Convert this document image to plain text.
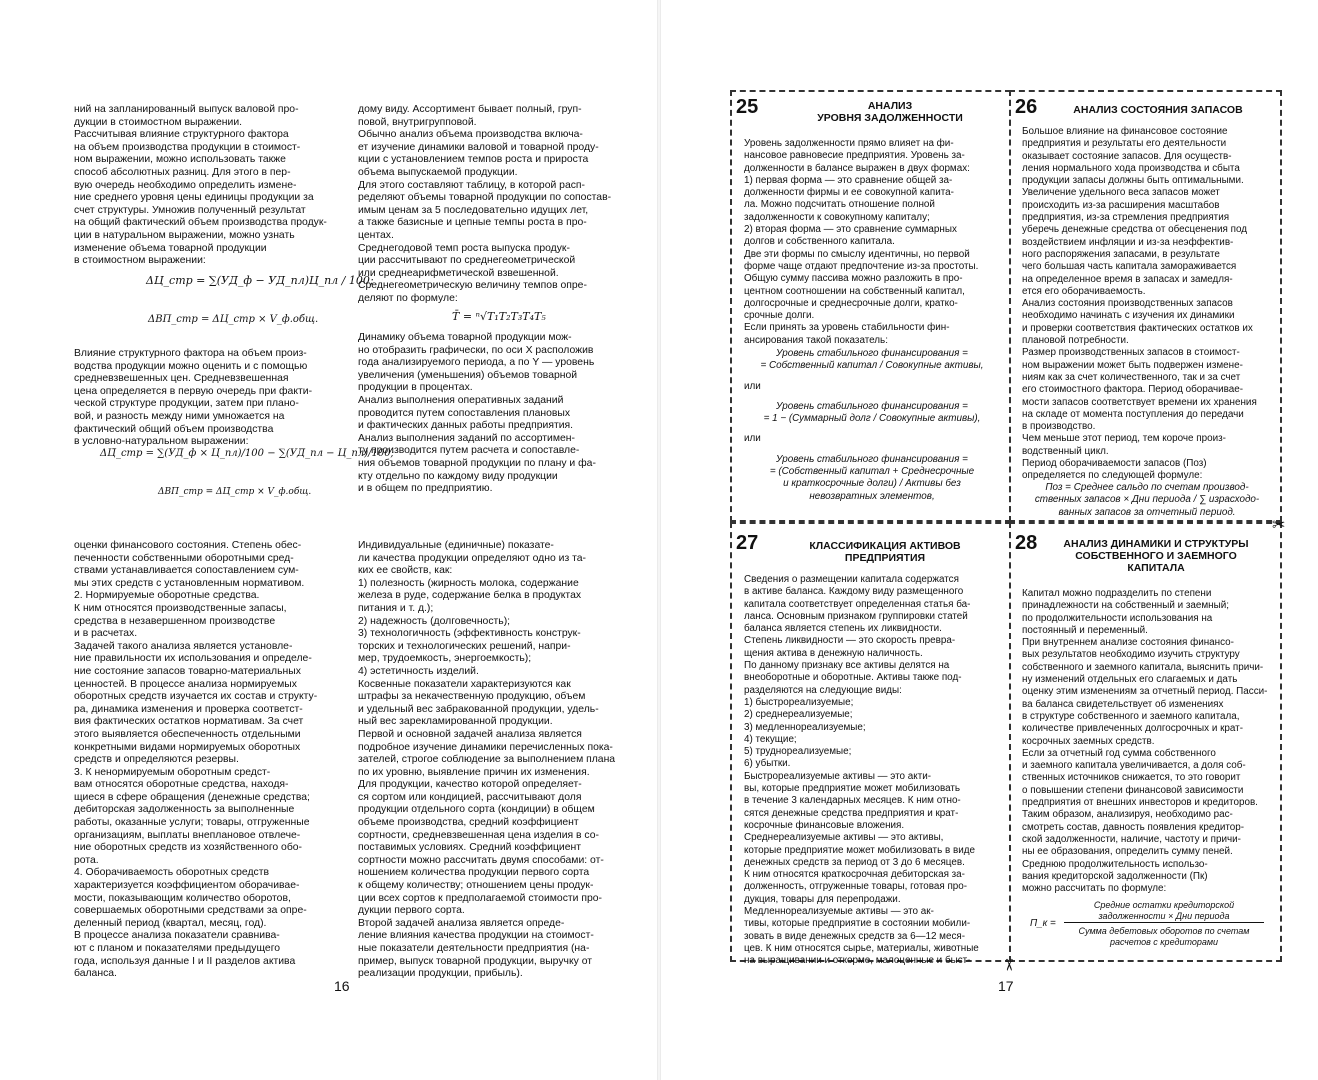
ний на запланированный выпуск валовой про-
дукции в стоимостном выражении.
Рассчитывая влияние структурного фактора
на объем производства продукции в стоимост-
ном выражении, можно использовать также
способ абсолютных разниц. Для этого в пер-
вую очередь необходимо определить измене-
ние среднего уровня цены единицы продукции за
счет структуры. Умножив полученный результат
на общий фактический объем производства продук-
ции в натуральном выражении, можно узнать
изменение объема товарной продукции
в стоимостном выражении:
ΔЦ_стр = ∑(УД_ф − УД_пл)Ц_пл / 100;
ΔВП_стр = ΔЦ_стр × V_ф.общ.
Влияние структурного фактора на объем произ-
водства продукции можно оценить и с помощью
средневзвешенных цен. Средневзвешенная
цена определяется в первую очередь при факти-
ческой структуре продукции, затем при плано-
вой, и разность между ними умножается на
фактический общий объем производства
в условно-натуральном выражении:
ΔЦ̄_стр = ∑(УД_ф × Ц_пл)/100 − ∑(УД_пл − Ц_пл)/100;
ΔВП_стр = ΔЦ̄_стр × V_ф.общ.
дому виду. Ассортимент бывает полный, груп-
повой, внутригрупповой.
Обычно анализ объема производства включа-
ет изучение динамики валовой и товарной проду-
кции с установлением темпов роста и прироста
объема выпускаемой продукции.
Для этого составляют таблицу, в которой расп-
ределяют объемы товарной продукции по сопостав-
имым ценам за 5 последовательно идущих лет,
а также базисные и цепные темпы роста в про-
центах.
Среднегодовой темп роста выпуска продук-
ции рассчитывают по среднегеометрической
или среднеарифметической взвешенной.
Среднегеометрическую величину темпов опре-
деляют по формуле:
T̄ = ⁿ√T₁T₂T₃T₄T₅
Динамику объема товарной продукции мож-
но отобразить графически, по оси X расположив
года анализируемого периода, а по Y — уровень
увеличения (уменьшения) объемов товарной
продукции в процентах.
Анализ выполнения оперативных заданий
проводится путем сопоставления плановых
и фактических данных работы предприятия.
Анализ выполнения заданий по ассортимен-
ту производится путем расчета и сопоставле-
ния объемов товарной продукции по плану и фа-
кту отдельно по каждому виду продукции
и в общем по предприятию.
оценки финансового состояния. Степень обес-
печенности собственными оборотными сред-
ствами устанавливается сопоставлением сум-
мы этих средств с установленным нормативом.
2. Нормируемые оборотные средства.
К ним относятся производственные запасы,
средства в незавершенном производстве
и в расчетах.
Задачей такого анализа является установле-
ние правильности их использования и определе-
ние состояние запасов товарно-материальных
ценностей. В процессе анализа нормируемых
оборотных средств изучается их состав и структу-
ра, динамика изменения и проверка соответст-
вия фактических остатков нормативам. За счет
этого выявляется обеспеченность отдельными
конкретными видами нормируемых оборотных
средств и определяются резервы.
3. К ненормируемым оборотным средст-
вам относятся оборотные средства, находя-
щиеся в сфере обращения (денежные средства;
дебиторская задолженность за выполненные
работы, оказанные услуги; товары, отгруженные
организациям, выплаты внеплановое отвлече-
ние оборотных средств из хозяйственного обо-
рота.
4. Оборачиваемость оборотных средств
характеризуется коэффициентом оборачивае-
мости, показывающим количество оборотов,
совершаемых оборотными средствами за опре-
деленный период (квартал, месяц, год).
В процессе анализа показатели сравнива-
ют с планом и показателями предыдущего
года, используя данные I и II разделов актива
баланса.
Индивидуальные (единичные) показате-
ли качества продукции определяют одно из та-
ких ее свойств, как:
1) полезность (жирность молока, содержание
железа в руде, содержание белка в продуктах
питания и т. д.);
2) надежность (долговечность);
3) технологичность (эффективность конструк-
торских и технологических решений, напри-
мер, трудоемкость, энергоемкость);
4) эстетичность изделий.
Косвенные показатели характеризуются как
штрафы за некачественную продукцию, объем
и удельный вес забракованной продукции, удель-
ный вес зарекламированной продукции.
Первой и основной задачей анализа является
подробное изучение динамики перечисленных пока-
зателей, строгое соблюдение за выполнением плана
по их уровню, выявление причин их изменения.
Для продукции, качество которой определяет-
ся сортом или кондицией, рассчитывают доля
продукции отдельного сорта (кондиции) в общем
объеме производства, средний коэффициент
сортности, средневзвешенная цена изделия в со-
поставимых условиях. Средний коэффициент
сортности можно рассчитать двумя способами: от-
ношением количества продукции первого сорта
к общему количеству; отношением цены продук-
ции всех сортов к предполагаемой стоимости про-
дукции первого сорта.
Второй задачей анализа является опреде-
ление влияния качества продукции на стоимост-
ные показатели деятельности предприятия (на-
пример, выпуск товарной продукции, выручку от
реализации продукции, прибыль).
16
✂
✂
25	АНАЛИЗ
УРОВНЯ ЗАДОЛЖЕННОСТИ
Уровень задолженности прямо влияет на фи-
нансовое равновесие предприятия. Уровень за-
долженности в балансе выражен в двух формах:
1) первая форма — это сравнение общей за-
долженности фирмы и ее совокупной капита-
ла. Можно подсчитать отношение полной
задолженности к совокупному капиталу;
2) вторая форма — это сравнение суммарных
долгов и собственного капитала.
Две эти формы по смыслу идентичны, но первой
форме чаще отдают предпочтение из-за простоты.
Общую сумму пассива можно разложить в про-
центном соотношении на собственный капитал,
долгосрочные и среднесрочные долги, кратко-
срочные долги.
Если принять за уровень стабильности фин-
ансирования такой показатель:
Уровень стабильного финансирования =
= Собственный капитал / Совокупные активы,
или
Уровень стабильного финансирования =
= 1 − (Суммарный долг / Совокупные активы),
или
Уровень стабильного финансирования =
= (Собственный капитал + Среднесрочные
и краткосрочные долги) / Активы без
невозвратных элементов,
26	АНАЛИЗ СОСТОЯНИЯ ЗАПАСОВ
Большое влияние на финансовое состояние
предприятия и результаты его деятельности
оказывает состояние запасов. Для осуществ-
ления нормального хода производства и сбыта
продукции запасы должны быть оптимальными.
Увеличение удельного веса запасов может
происходить из-за расширения масштабов
предприятия, из-за стремления предприятия
уберечь денежные средства от обесценения под
воздействием инфляции и из-за неэффектив-
ного распоряжения запасами, в результате
чего большая часть капитала замораживается
на определенное время в запасах и замедля-
ется его оборачиваемость.
Анализ состояния производственных запасов
необходимо начинать с изучения их динамики
и проверки соответствия фактических остатков их
плановой потребности.
Размер производственных запасов в стоимост-
ном выражении может быть подвержен измене-
ниям как за счет количественного, так и за счет
его стоимостного фактора. Период оборачивае-
мости запасов соответствует времени их хранения
на складе от момента поступления до передачи
в производство.
Чем меньше этот период, тем короче произ-
водственный цикл.
Период оборачиваемости запасов (Поз)
определяется по следующей формуле:
Поз = Среднее сальдо по счетам производ-
ственных запасов × Дни периода / ∑ израсходо-
ванных запасов за отчетный период.
27	КЛАССИФИКАЦИЯ АКТИВОВ
ПРЕДПРИЯТИЯ
Сведения о размещении капитала содержатся
в активе баланса. Каждому виду размещенного
капитала соответствует определенная статья ба-
ланса. Основным признаком группировки статей
баланса является степень их ликвидности.
Степень ликвидности — это скорость превра-
щения актива в денежную наличность.
По данному признаку все активы делятся на
внеоборотные и оборотные. Активы также под-
разделяются на следующие виды:
1) быстрореализуемые;
2) среднереализуемые;
3) медленнореализуемые;
4) текущие;
5) труднореализуемые;
6) убытки.
Быстрореализуемые активы — это акти-
вы, которые предприятие может мобилизовать
в течение 3 календарных месяцев. К ним отно-
сятся денежные средства предприятия и крат-
косрочные финансовые вложения.
Среднереализуемые активы — это активы,
которые предприятие может мобилизовать в виде
денежных средств за период от 3 до 6 месяцев.
К ним относятся краткосрочная дебиторская за-
долженность, отгруженные товары, готовая про-
дукция, товары для перепродажи.
Медленнореализуемые активы — это ак-
тивы, которые предприятие в состоянии мобили-
зовать в виде денежных средств за 6—12 меся-
цев. К ним относятся сырье, материалы, животные
на выращивании и откорме, малоценные и быст-
28	АНАЛИЗ ДИНАМИКИ И СТРУКТУРЫ
СОБСТВЕННОГО И ЗАЕМНОГО
КАПИТАЛА
Капитал можно подразделить по степени
принадлежности на собственный и заемный;
по продолжительности использования на
постоянный и переменный.
При внутреннем анализе состояния финансо-
вых результатов необходимо изучить структуру
собственного и заемного капитала, выяснить причи-
ну изменений отдельных его слагаемых и дать
оценку этим изменениям за отчетный период. Пасси-
ва баланса свидетельствует об изменениях
в структуре собственного и заемного капитала,
количестве привлеченных долгосрочных и крат-
косрочных заемных средств.
Если за отчетный год сумма собственного
и заемного капитала увеличивается, а доля соб-
ственных источников снижается, то это говорит
о повышении степени финансовой зависимости
предприятия от внешних инвесторов и кредиторов.
Таким образом, анализируя, необходимо рас-
смотреть состав, давность появления кредитор-
ской задолженности, наличие, частоту и причи-
ны ее образования, определить сумму пеней.
Среднюю продолжительность использо-
вания кредиторской задолженности (Пк)
можно рассчитать по формуле:
П_к =
Средние остатки кредиторской задолженности × Дни периода
Сумма дебетовых оборотов по счетам расчетов с кредиторами
17
